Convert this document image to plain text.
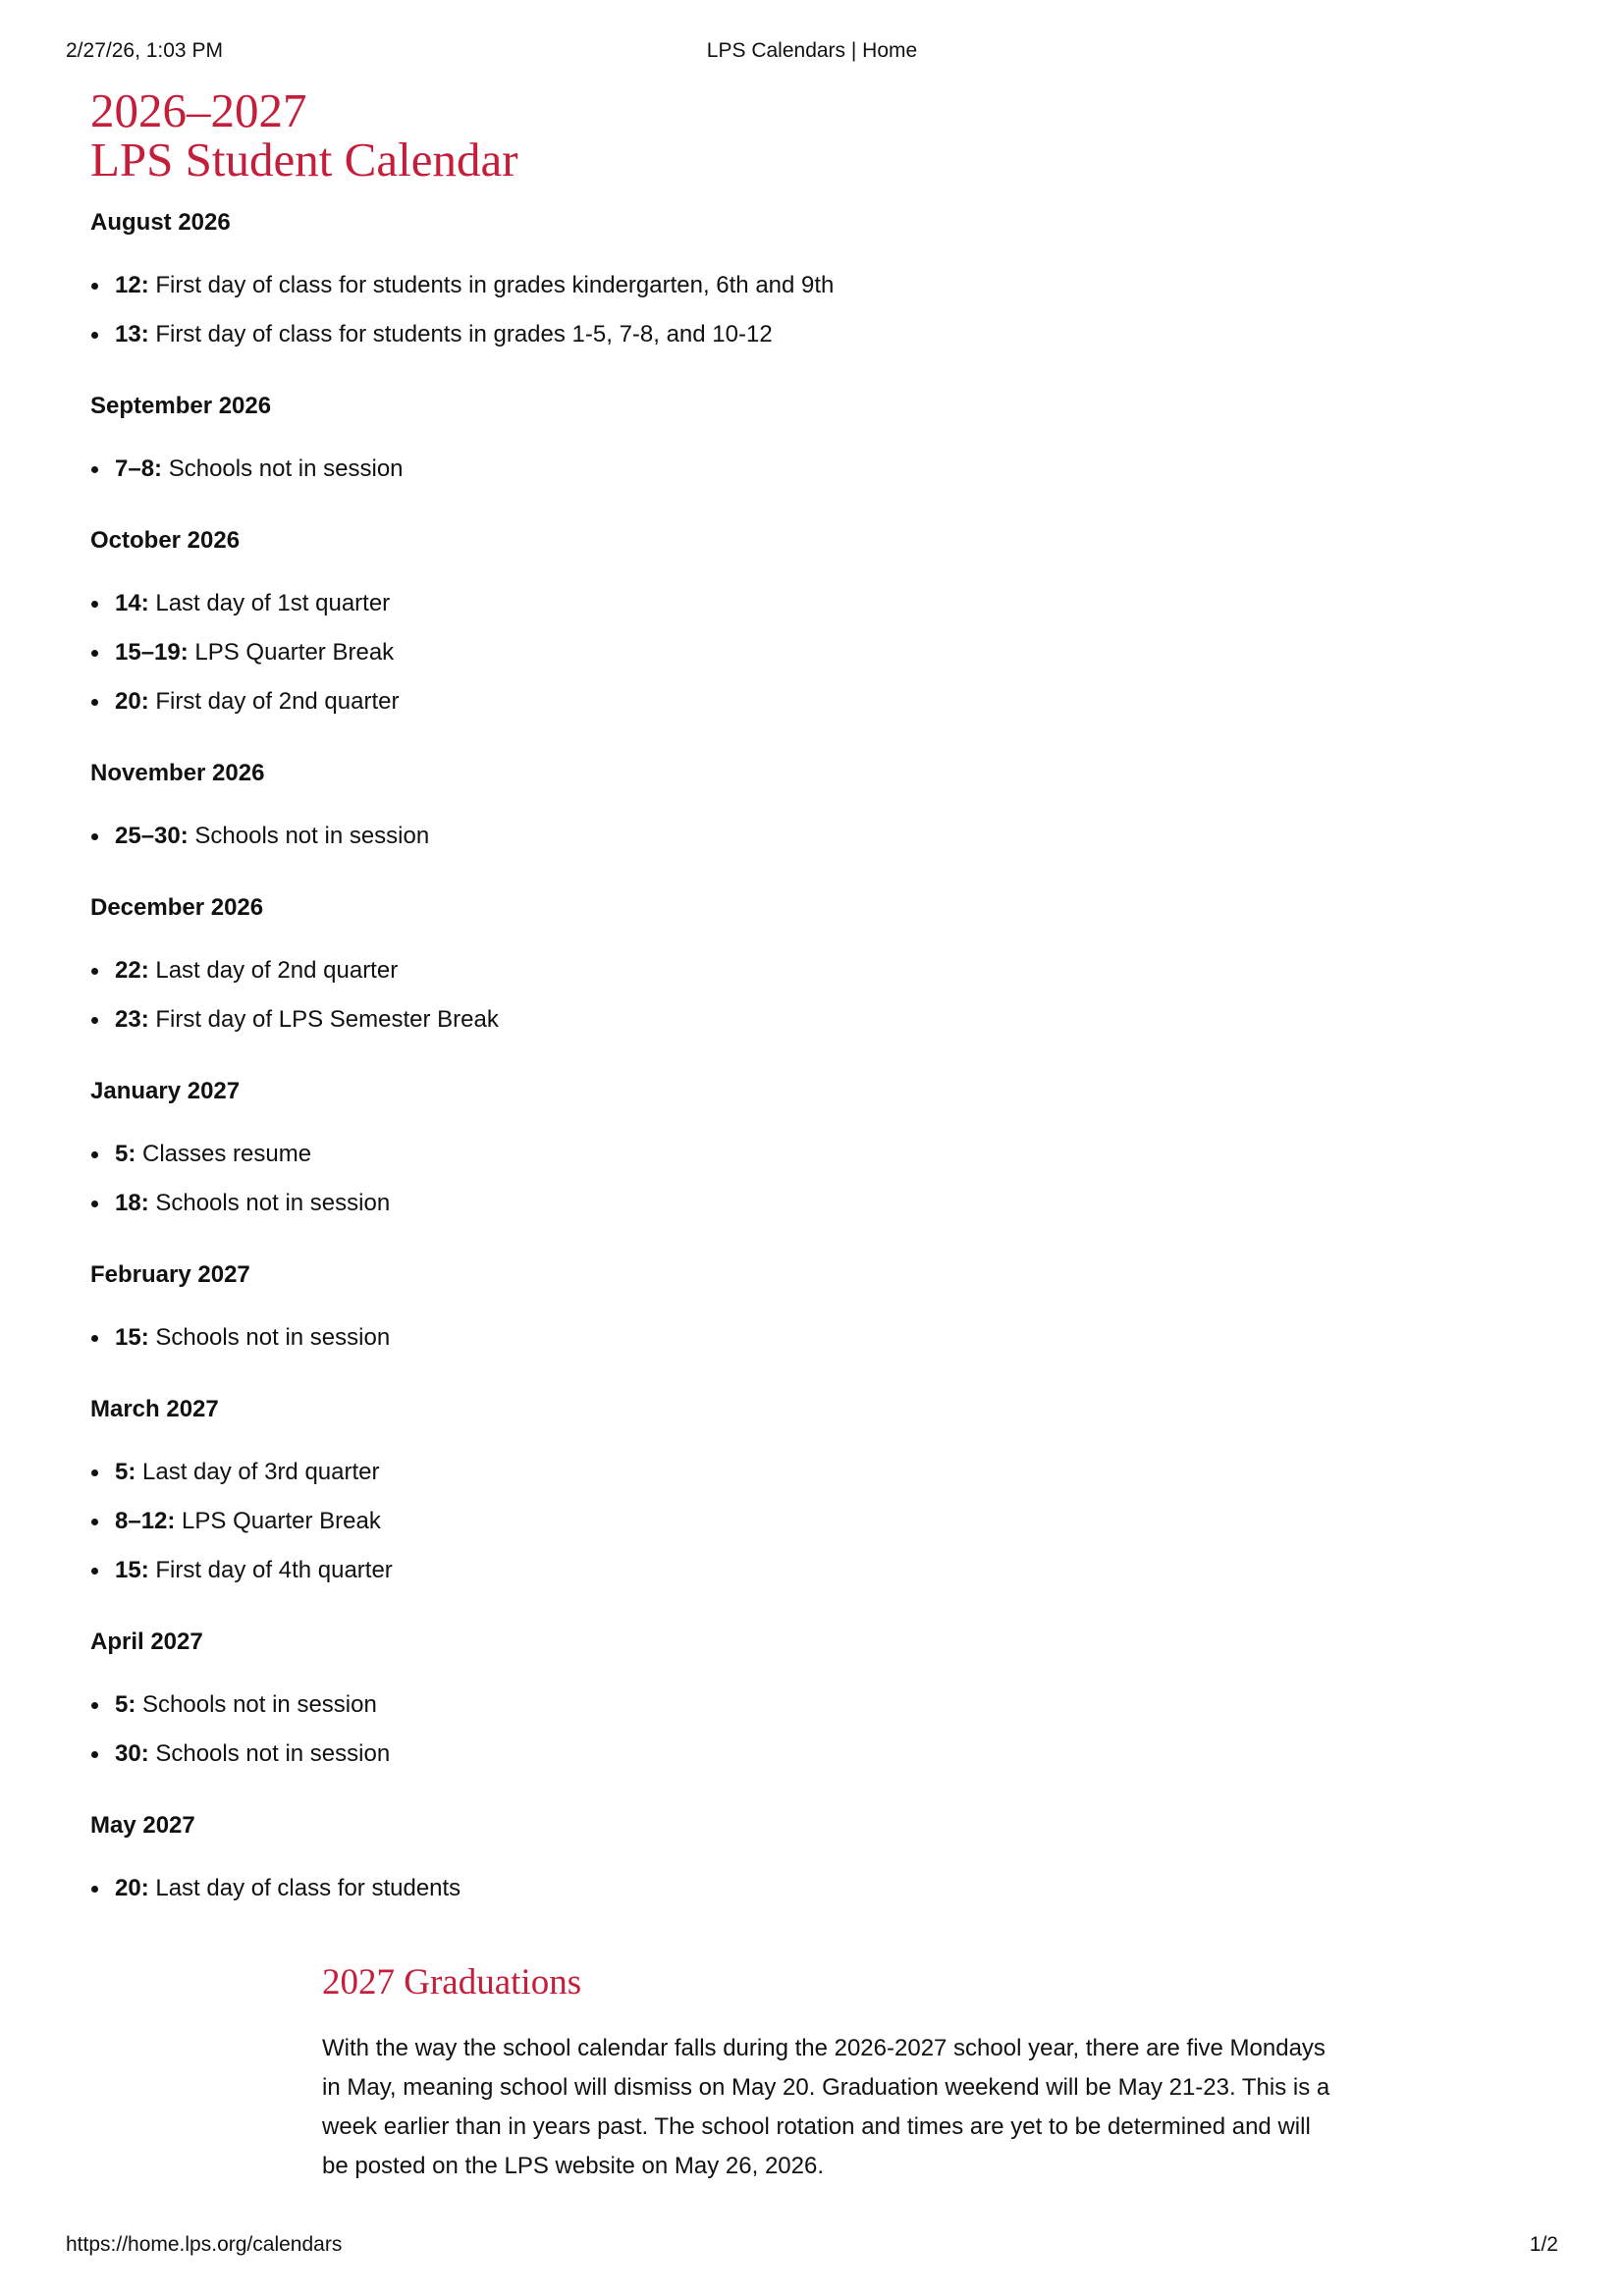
2/27/26, 1:03 PM	LPS Calendars | Home
2026–2027
LPS Student Calendar
August 2026
12: First day of class for students in grades kindergarten, 6th and 9th
13: First day of class for students in grades 1-5, 7-8, and 10-12
September 2026
7–8: Schools not in session
October 2026
14: Last day of 1st quarter
15–19: LPS Quarter Break
20: First day of 2nd quarter
November 2026
25–30: Schools not in session
December 2026
22: Last day of 2nd quarter
23: First day of LPS Semester Break
January 2027
5: Classes resume
18: Schools not in session
February 2027
15: Schools not in session
March 2027
5: Last day of 3rd quarter
8–12: LPS Quarter Break
15: First day of 4th quarter
April 2027
5: Schools not in session
30: Schools not in session
May 2027
20: Last day of class for students
2027 Graduations

With the way the school calendar falls during the 2026-2027 school year, there are five Mondays in May, meaning school will dismiss on May 20. Graduation weekend will be May 21-23. This is a week earlier than in years past. The school rotation and times are yet to be determined and will be posted on the LPS website on May 26, 2026.

https://home.lps.org/calendars	1/2
